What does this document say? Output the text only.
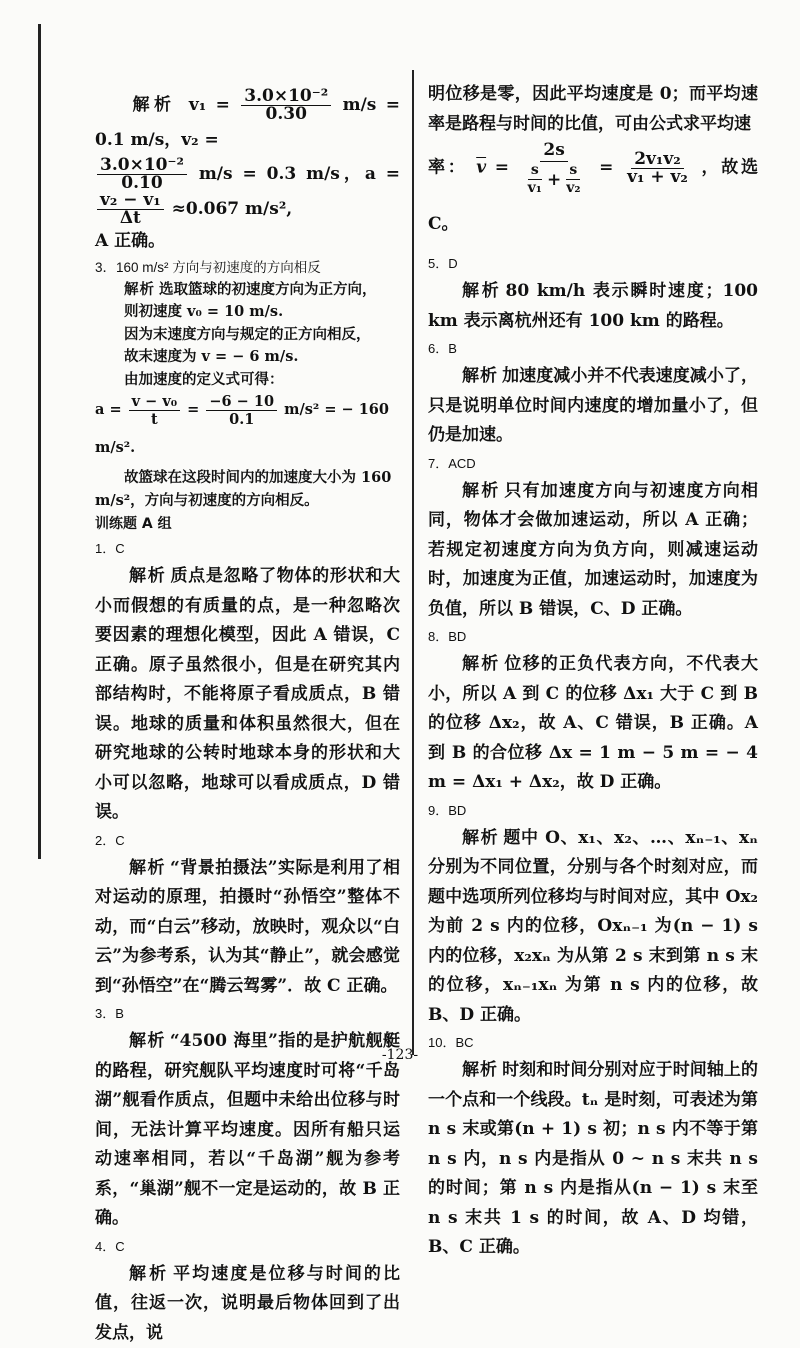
解析 $v_1 = \frac{\text{3.0×10⁻²}}{0.30} m/s = 0.1$ m/s，v₂ =

$\frac{\text{3.0×10⁻²}}{0.10} m/s = 0.3$ m/s，a =
$\frac{\text{v₂ − v₁}}{\Delta t} \approx 0.067$ m/s²,

A 正确。

3．160 m/s² 方向与初速度的方向相反

解析 选取篮球的初速度方向为正方向，

则初速度 v₀ = 10 m/s.

因为末速度方向与规定的正方向相反，

故末速度为 v = − 6 m/s.

由加速度的定义式可得：

$a = \frac{\text{v − v₀}}{t} = \frac{-6 - 10}{0.1} m/s^2$ = − 160 m/s².

故篮球在这段时间内的加速度大小为 160

m/s²，方向与初速度的方向相反。

训练题 A 组

1．C

解析 质点是忽略了物体的形状和大小而假想的有质量的点，是一种忽略次要因素的理想化模型，因此 A 错误，C 正确。原子虽然很小，但是在研究其内部结构时，不能将原子看成质点，B 错误。地球的质量和体积虽然很大，但在研究地球的公转时地球本身的形状和大小可以忽略，地球可以看成质点，D 错误。

2．C

解析 “背景拍摄法”实际是利用了相对运动的原理，拍摄时“孙悟空”整体不动，而“白云”移动，放映时，观众以“白云”为参考系，认为其“静止”，就会感觉到“孙悟空”在“腾云驾雾”．故 C 正确。

3．B

解析 “4500 海里”指的是护航舰艇的路程，研究舰队平均速度时可将“千岛湖”舰看作质点，但题中未给出位移与时间，无法计算平均速度。因所有船只运动速率相同，若以“千岛湖”舰为参考系，“巢湖”舰不一定是运动的，故 B 正确。

4．C

解析 平均速度是位移与时间的比值，往返一次，说明最后物体回到了出发点，说

明位移是零，因此平均速度是 0；而平均速率是路程与时间的比值，可由公式求平均速

率： $\overline{v} = \frac{2s}{\frac{s}{\text{v₁}} + \frac{s}{\text{v₂}}} = \frac{\text{2v₁v₂}}{\text{v₁ + v₂}}$ ，故选 C。

5．D

解析 80 km/h 表示瞬时速度；100 km 表示离杭州还有 100 km 的路程。

6．B

解析 加速度减小并不代表速度减小了，只是说明单位时间内速度的增加量小了，但仍是加速。

7．ACD

解析 只有加速度方向与初速度方向相同，物体才会做加速运动，所以 A 正确；若规定初速度方向为负方向，则减速运动时，加速度为正值，加速运动时，加速度为负值，所以 B 错误，C、D 正确。

8．BD

解析 位移的正负代表方向，不代表大小，所以 A 到 C 的位移 Δx₁ 大于 C 到 B 的位移 Δx₂，故 A、C 错误，B 正确。A 到 B 的合位移 Δx = 1 m − 5 m = − 4 m = Δx₁ + Δx₂，故 D 正确。

9．BD

解析 题中 O、x₁、x₂、…、xₙ₋₁、xₙ 分别为不同位置，分别与各个时刻对应，而题中选项所列位移均与时间对应，其中 Ox₂ 为前 2 s 内的位移，Oxₙ₋₁ 为(n − 1) s 内的位移，x₂xₙ 为从第 2 s 末到第 n s 末的位移，xₙ₋₁xₙ 为第 n s 内的位移，故 B、D 正确。

10．BC

解析 时刻和时间分别对应于时间轴上的一个点和一个线段。tₙ 是时刻，可表述为第 n s 末或第(n + 1) s 初；n s 内不等于第 n s 内，n s 内是指从 0 ~ n s 末共 n s 的时间；第 n s 内是指从(n − 1) s 末至 n s 末共 1 s 的时间，故 A、D 均错，B、C 正确。

-123-
